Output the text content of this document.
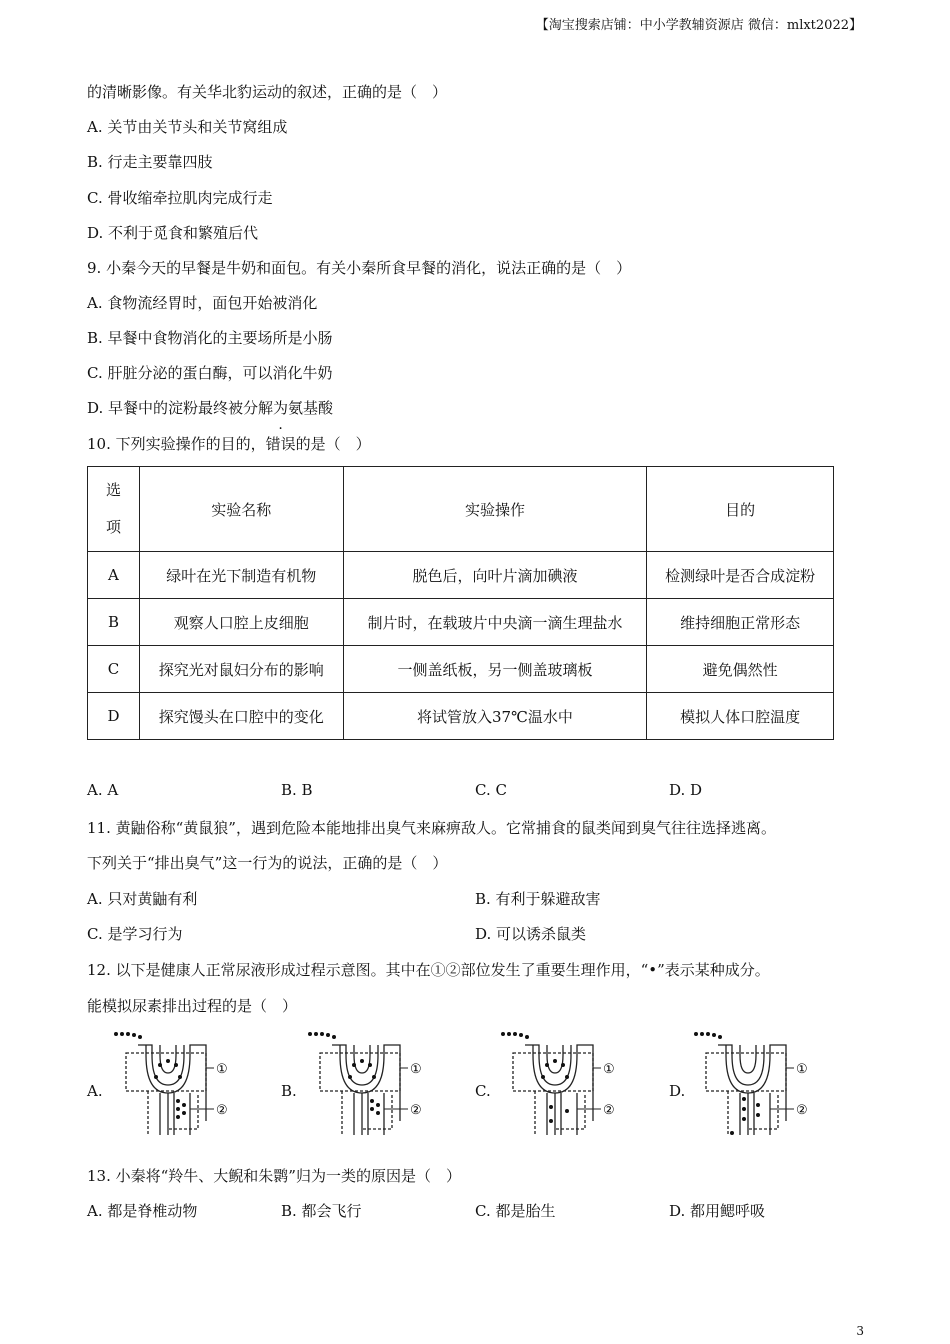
【淘宝搜索店铺：中小学教辅资源店 微信：mlxt2022】
的清晰影像。有关华北豹运动的叙述，正确的是（　）
A. 关节由关节头和关节窝组成
B. 行走主要靠四肢
C. 骨收缩牵拉肌肉完成行走
D. 不利于觅食和繁殖后代
9. 小秦今天的早餐是牛奶和面包。有关小秦所食早餐的消化，说法正确的是（　）
A. 食物流经胃时，面包开始被消化
B. 早餐中食物消化的主要场所是小肠
C. 肝脏分泌的蛋白酶，可以消化牛奶
D. 早餐中的淀粉最终被分解为氨基酸
10. 下列实验操作的目的，错误的是（　）
选项	实验名称	实验操作	目的
A	绿叶在光下制造有机物	脱色后，向叶片滴加碘液	检测绿叶是否合成淀粉
B	观察人口腔上皮细胞	制片时，在载玻片中央滴一滴生理盐水	维持细胞正常形态
C	探究光对鼠妇分布的影响	一侧盖纸板，另一侧盖玻璃板	避免偶然性
D	探究馒头在口腔中的变化	将试管放入37℃温水中	模拟人体口腔温度
A. A	B. B	C. C	D. D
11. 黄鼬俗称“黄鼠狼”，遇到危险本能地排出臭气来麻痹敌人。它常捕食的鼠类闻到臭气往往选择逃离。
下列关于“排出臭气”这一行为的说法，正确的是（　）
A. 只对黄鼬有利	B. 有利于躲避敌害
C. 是学习行为	D. 可以诱杀鼠类
12. 以下是健康人正常尿液形成过程示意图。其中在①②部位发生了重要生理作用，“•”表示某种成分。
能模拟尿素排出过程的是（　）
A.	B.	C.	D.
①
②
①
②
①
②
①
②
13. 小秦将“羚牛、大鲵和朱鹮”归为一类的原因是（　）
A. 都是脊椎动物	B. 都会飞行	C. 都是胎生	D. 都用鳃呼吸
3
